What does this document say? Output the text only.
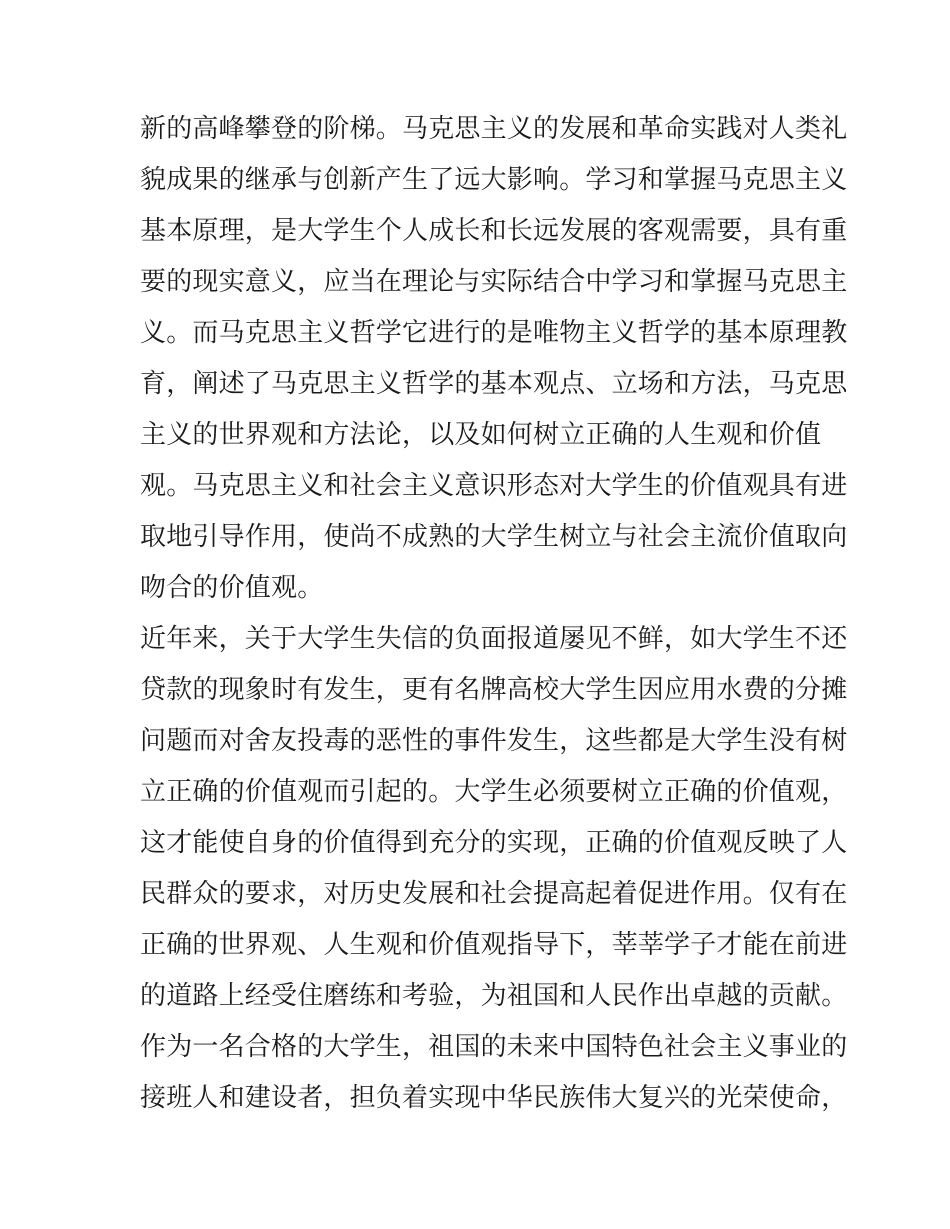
新的高峰攀登的阶梯。马克思主义的发展和革命实践对人类礼
貌成果的继承与创新产生了远大影响。学习和掌握马克思主义
基本原理，是大学生个人成长和长远发展的客观需要，具有重
要的现实意义，应当在理论与实际结合中学习和掌握马克思主
义。而马克思主义哲学它进行的是唯物主义哲学的基本原理教
育，阐述了马克思主义哲学的基本观点、立场和方法，马克思
主义的世界观和方法论，以及如何树立正确的人生观和价值
观。马克思主义和社会主义意识形态对大学生的价值观具有进
取地引导作用，使尚不成熟的大学生树立与社会主流价值取向
吻合的价值观。
近年来，关于大学生失信的负面报道屡见不鲜，如大学生不还
贷款的现象时有发生，更有名牌高校大学生因应用水费的分摊
问题而对舍友投毒的恶性的事件发生，这些都是大学生没有树
立正确的价值观而引起的。大学生必须要树立正确的价值观，
这才能使自身的价值得到充分的实现，正确的价值观反映了人
民群众的要求，对历史发展和社会提高起着促进作用。仅有在
正确的世界观、人生观和价值观指导下，莘莘学子才能在前进
的道路上经受住磨练和考验，为祖国和人民作出卓越的贡献。
作为一名合格的大学生，祖国的未来中国特色社会主义事业的
接班人和建设者，担负着实现中华民族伟大复兴的光荣使命，
